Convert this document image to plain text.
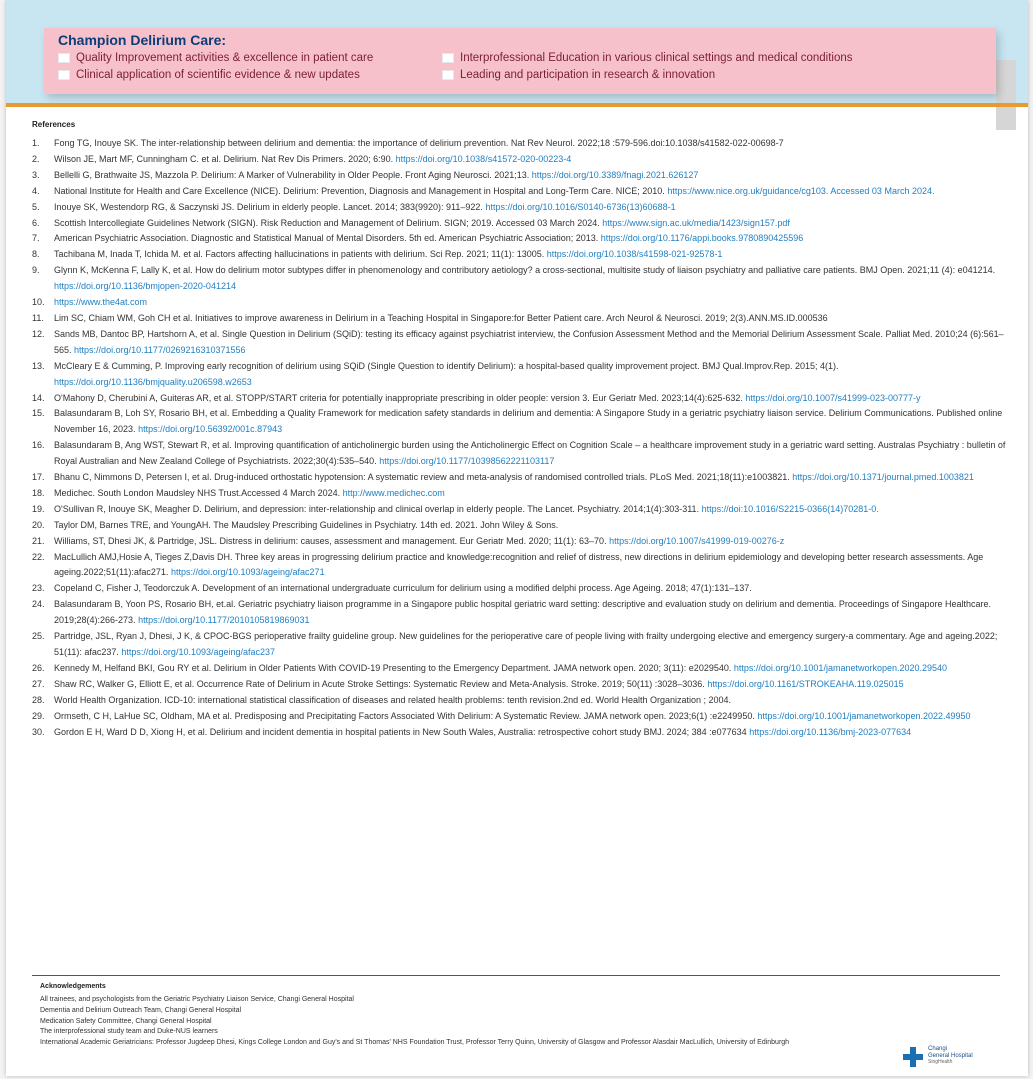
Champion Delirium Care:
Quality Improvement activities & excellence in patient care
Clinical application of scientific evidence & new updates
Interprofessional Education in various clinical settings and medical conditions
Leading and participation in research & innovation
References
1.	Fong TG, Inouye SK. The inter-relationship between delirium and dementia: the importance of delirium prevention. Nat Rev Neurol. 2022;18 :579-596.doi:10.1038/s41582-022-00698-7
2.	Wilson JE, Mart MF, Cunningham C. et al. Delirium. Nat Rev Dis Primers. 2020; 6:90. https://doi.org/10.1038/s41572-020-00223-4
3.	Bellelli G, Brathwaite JS, Mazzola P. Delirium: A Marker of Vulnerability in Older People. Front Aging Neurosci. 2021;13. https://doi.org/10.3389/fnagi.2021.626127
4.	National Institute for Health and Care Excellence (NICE). Delirium: Prevention, Diagnosis and Management in Hospital and Long-Term Care. NICE; 2010. https://www.nice.org.uk/guidance/cg103. Accessed 03 March 2024.
5.	Inouye SK, Westendorp RG, & Saczynski JS. Delirium in elderly people. Lancet. 2014; 383(9920): 911–922. https://doi.org/10.1016/S0140-6736(13)60688-1
6.	Scottish Intercollegiate Guidelines Network (SIGN). Risk Reduction and Management of Delirium. SIGN; 2019. Accessed 03 March 2024. https://www.sign.ac.uk/media/1423/sign157.pdf
7.	American Psychiatric Association. Diagnostic and Statistical Manual of Mental Disorders. 5th ed. American Psychiatric Association; 2013. https://doi.org/10.1176/appi.books.9780890425596
8.	Tachibana M, Inada T, Ichida M. et al. Factors affecting hallucinations in patients with delirium. Sci Rep. 2021; 11(1): 13005. https://doi.org/10.1038/s41598-021-92578-1
9.	Glynn K, McKenna F, Lally K, et al. How do delirium motor subtypes differ in phenomenology and contributory aetiology? a cross-sectional, multisite study of liaison psychiatry and palliative care patients. BMJ Open. 2021;11 (4): e041214. https://doi.org/10.1136/bmjopen-2020-041214
10.	https://www.the4at.com
11.	Lim SC, Chiam WM, Goh CH et al. Initiatives to improve awareness in Delirium in a Teaching Hospital in Singapore:for Better Patient care. Arch Neurol & Neurosci. 2019; 2(3).ANN.MS.ID.000536
12.	Sands MB, Dantoc BP, Hartshorn A, et al. Single Question in Delirium (SQiD): testing its efficacy against psychiatrist interview, the Confusion Assessment Method and the Memorial Delirium Assessment Scale. Palliat Med. 2010;24 (6):561–565. https://doi.org/10.1177/0269216310371556
13.	McCleary E & Cumming, P. Improving early recognition of delirium using SQiD (Single Question to identify Delirium): a hospital-based quality improvement project. BMJ Qual.Improv.Rep. 2015; 4(1). https://doi.org/10.1136/bmjquality.u206598.w2653
14.	O'Mahony D, Cherubini A, Guiteras AR, et al. STOPP/START criteria for potentially inappropriate prescribing in older people: version 3. Eur Geriatr Med. 2023;14(4):625-632. https://doi.org/10.1007/s41999-023-00777-y
15.	Balasundaram B, Loh SY, Rosario BH, et al. Embedding a Quality Framework for medication safety standards in delirium and dementia: A Singapore Study in a geriatric psychiatry liaison service. Delirium Communications. Published online November 16, 2023. https://doi.org/10.56392/001c.87943
16.	Balasundaram B, Ang WST, Stewart R, et al. Improving quantification of anticholinergic burden using the Anticholinergic Effect on Cognition Scale – a healthcare improvement study in a geriatric ward setting. Australas Psychiatry : bulletin of Royal Australian and New Zealand College of Psychiatrists. 2022;30(4):535–540. https://doi.org/10.1177/10398562221103117
17.	Bhanu C, Nimmons D, Petersen I, et al. Drug-induced orthostatic hypotension: A systematic review and meta-analysis of randomised controlled trials. PLoS Med. 2021;18(11):e1003821. https://doi.org/10.1371/journal.pmed.1003821
18.	Medichec. South London Maudsley NHS Trust.Accessed 4 March 2024. http://www.medichec.com
19.	O'Sullivan R, Inouye SK, Meagher D. Delirium, and depression: inter-relationship and clinical overlap in elderly people. The Lancet. Psychiatry. 2014;1(4):303-311. https://doi:10.1016/S2215-0366(14)70281-0.
20.	Taylor DM, Barnes TRE, and YoungAH. The Maudsley Prescribing Guidelines in Psychiatry. 14th ed. 2021. John Wiley & Sons.
21.	Williams, ST, Dhesi JK, & Partridge, JSL. Distress in delirium: causes, assessment and management. Eur Geriatr Med. 2020; 11(1): 63–70. https://doi.org/10.1007/s41999-019-00276-z
22.	MacLullich AMJ,Hosie A, Tieges Z,Davis DH. Three key areas in progressing delirium practice and knowledge:recognition and relief of distress, new directions in delirium epidemiology and developing better research assessments. Age ageing.2022;51(11):afac271. https://doi.org/10.1093/ageing/afac271
23.	Copeland C, Fisher J, Teodorczuk A. Development of an international undergraduate curriculum for delirium using a modified delphi process. Age Ageing. 2018; 47(1):131–137.
24.	Balasundaram B, Yoon PS, Rosario BH, et.al. Geriatric psychiatry liaison programme in a Singapore public hospital geriatric ward setting: descriptive and evaluation study on delirium and dementia. Proceedings of Singapore Healthcare. 2019;28(4):266-273. https://doi.org/10.1177/2010105819869031
25.	Partridge, JSL, Ryan J, Dhesi, J K, & CPOC-BGS perioperative frailty guideline group. New guidelines for the perioperative care of people living with frailty undergoing elective and emergency surgery-a commentary. Age and ageing.2022; 51(11): afac237. https://doi.org/10.1093/ageing/afac237
26.	Kennedy M, Helfand BKI, Gou RY et al. Delirium in Older Patients With COVID-19 Presenting to the Emergency Department. JAMA network open. 2020; 3(11): e2029540. https://doi.org/10.1001/jamanetworkopen.2020.29540
27.	Shaw RC, Walker G, Elliott E, et al. Occurrence Rate of Delirium in Acute Stroke Settings: Systematic Review and Meta-Analysis. Stroke. 2019; 50(11) :3028–3036. https://doi.org/10.1161/STROKEAHA.119.025015
28.	World Health Organization. ICD-10: international statistical classification of diseases and related health problems: tenth revision.2nd ed. World Health Organization ; 2004.
29.	Ormseth, C H, LaHue SC, Oldham, MA et al. Predisposing and Precipitating Factors Associated With Delirium: A Systematic Review. JAMA network open. 2023;6(1) :e2249950. https://doi.org/10.1001/jamanetworkopen.2022.49950
30.	Gordon E H, Ward D D, Xiong H, et al. Delirium and incident dementia in hospital patients in New South Wales, Australia: retrospective cohort study BMJ. 2024; 384 :e077634 https://doi.org/10.1136/bmj-2023-077634
Acknowledgements
All trainees, and psychologists from the Geriatric Psychiatry Liaison Service, Changi General Hospital
Dementia and Delirium Outreach Team, Changi General Hospital
Medication Safety Committee, Changi General Hospital
The interprofessional study team and Duke-NUS learners
International Academic Geriatricians: Professor Jugdeep Dhesi, Kings College London and Guy's and St Thomas' NHS Foundation Trust, Professor Terry Quinn, University of Glasgow and Professor Alasdair MacLullich, University of Edinburgh
Changi
General Hospital
SingHealth
